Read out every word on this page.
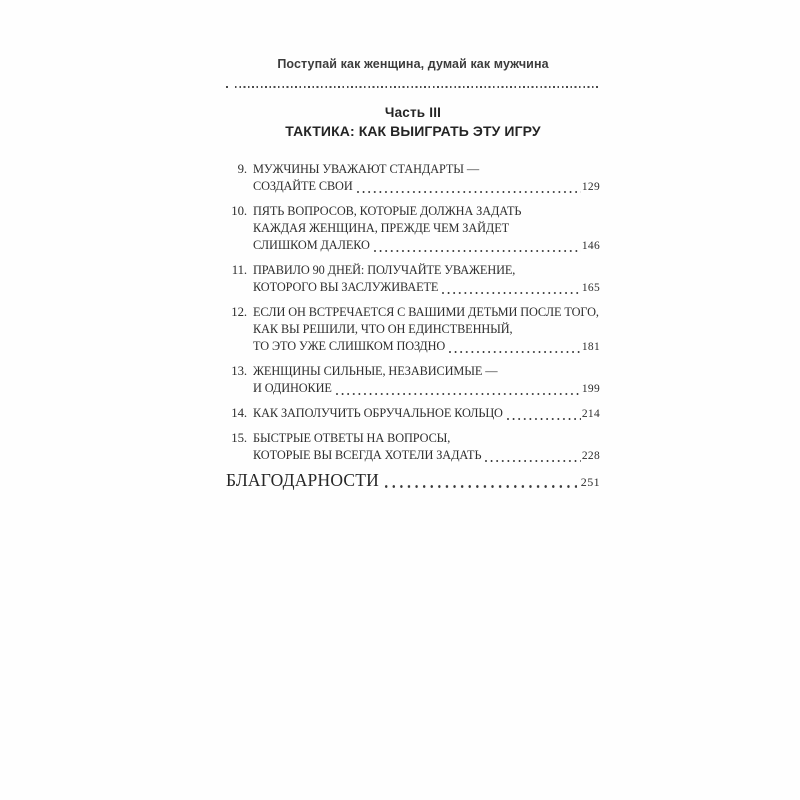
Поступай как женщина, думай как мужчина
Часть III
ТАКТИКА: КАК ВЫИГРАТЬ ЭТУ ИГРУ
9. МУЖЧИНЫ УВАЖАЮТ СТАНДАРТЫ —
СОЗДАЙТЕ СВОИ	129
10. ПЯТЬ ВОПРОСОВ, КОТОРЫЕ ДОЛЖНА ЗАДАТЬ
КАЖДАЯ ЖЕНЩИНА, ПРЕЖДЕ ЧЕМ ЗАЙДЕТ
СЛИШКОМ ДАЛЕКО	146
11. ПРАВИЛО 90 ДНЕЙ: ПОЛУЧАЙТЕ УВАЖЕНИЕ,
КОТОРОГО ВЫ ЗАСЛУЖИВАЕТЕ	165
12. ЕСЛИ ОН ВСТРЕЧАЕТСЯ С ВАШИМИ ДЕТЬМИ ПОСЛЕ ТОГО,
КАК ВЫ РЕШИЛИ, ЧТО ОН ЕДИНСТВЕННЫЙ,
ТО ЭТО УЖЕ СЛИШКОМ ПОЗДНО	181
13. ЖЕНЩИНЫ СИЛЬНЫЕ, НЕЗАВИСИМЫЕ —
И ОДИНОКИЕ	199
14. КАК ЗАПОЛУЧИТЬ ОБРУЧАЛЬНОЕ КОЛЬЦО	214
15. БЫСТРЫЕ ОТВЕТЫ НА ВОПРОСЫ,
КОТОРЫЕ ВЫ ВСЕГДА ХОТЕЛИ ЗАДАТЬ	228
БЛАГОДАРНОСТИ	251
